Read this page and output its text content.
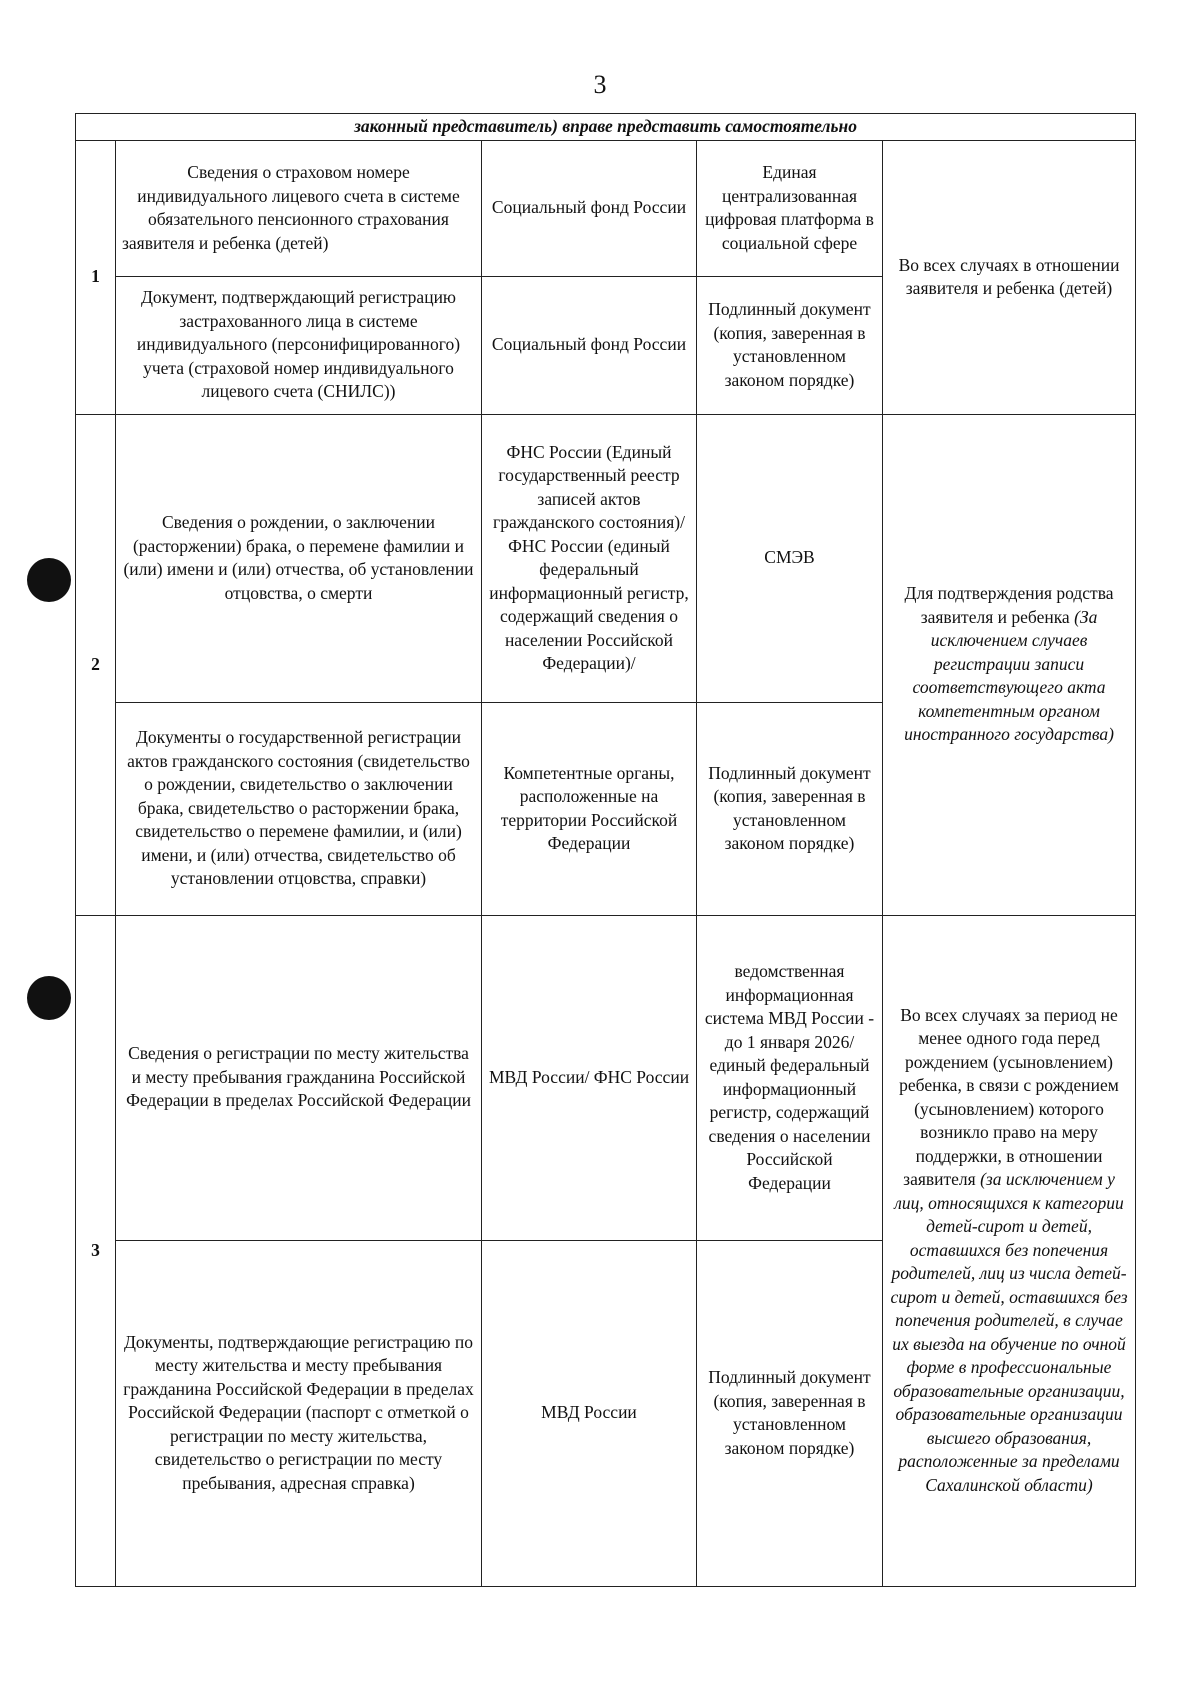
3
законный представитель) вправе представить самостоятельно				
1	Сведения о страховом номере индивидуального лицевого счета в системе обязательного пенсионного страхования заявителя и ребенка (детей)	Социальный фонд России	Единая централизованная цифровая платформа в социальной сфере	Во всех случаях в отношении заявителя и ребенка (детей)
	Документ, подтверждающий регистрацию застрахованного лица в системе индивидуального (персонифицированного) учета (страховой номер индивидуального лицевого счета (СНИЛС))	Социальный фонд России	Подлинный документ (копия, заверенная в установленном законом порядке)	
2	Сведения о рождении, о заключении (расторжении) брака, о перемене фамилии и (или) имени и (или) отчества, об установлении отцовства, о смерти	ФНС России (Единый государственный реестр записей актов гражданского состояния)/ ФНС России (единый федеральный информационный регистр, содержащий сведения о населении Российской Федерации)/	СМЭВ	Для подтверждения родства заявителя и ребенка (За исключением случаев регистрации записи соответствующего акта компетентным органом иностранного государства)
	Документы о государственной регистрации актов гражданского состояния (свидетельство о рождении, свидетельство о заключении брака, свидетельство о расторжении брака, свидетельство о перемене фамилии, и (или) имени, и (или) отчества, свидетельство об установлении отцовства, справки)	Компетентные органы, расположенные на территории Российской Федерации	Подлинный документ (копия, заверенная в установленном законом порядке)	
3	Сведения о регистрации по месту жительства и месту пребывания гражданина Российской Федерации в пределах Российской Федерации	МВД России/ ФНС России	ведомственная информационная система МВД России - до 1 января 2026/ единый федеральный информационный регистр, содержащий сведения о населении Российской Федерации	Во всех случаях за период не менее одного года перед рождением (усыновлением) ребенка, в связи с рождением (усыновлением) которого возникло право на меру поддержки, в отношении заявителя (за исключением у лиц, относящихся к категории детей-сирот и детей, оставшихся без попечения родителей, лиц из числа детей-сирот и детей, оставшихся без попечения родителей, в случае их выезда на обучение по очной форме в профессиональные образовательные организации, образовательные организации высшего образования, расположенные за пределами Сахалинской области)
	Документы, подтверждающие регистрацию по месту жительства и месту пребывания гражданина Российской Федерации в пределах Российской Федерации (паспорт с отметкой о регистрации по месту жительства, свидетельство о регистрации по месту пребывания, адресная справка)	МВД России	Подлинный документ (копия, заверенная в установленном законом порядке)	
